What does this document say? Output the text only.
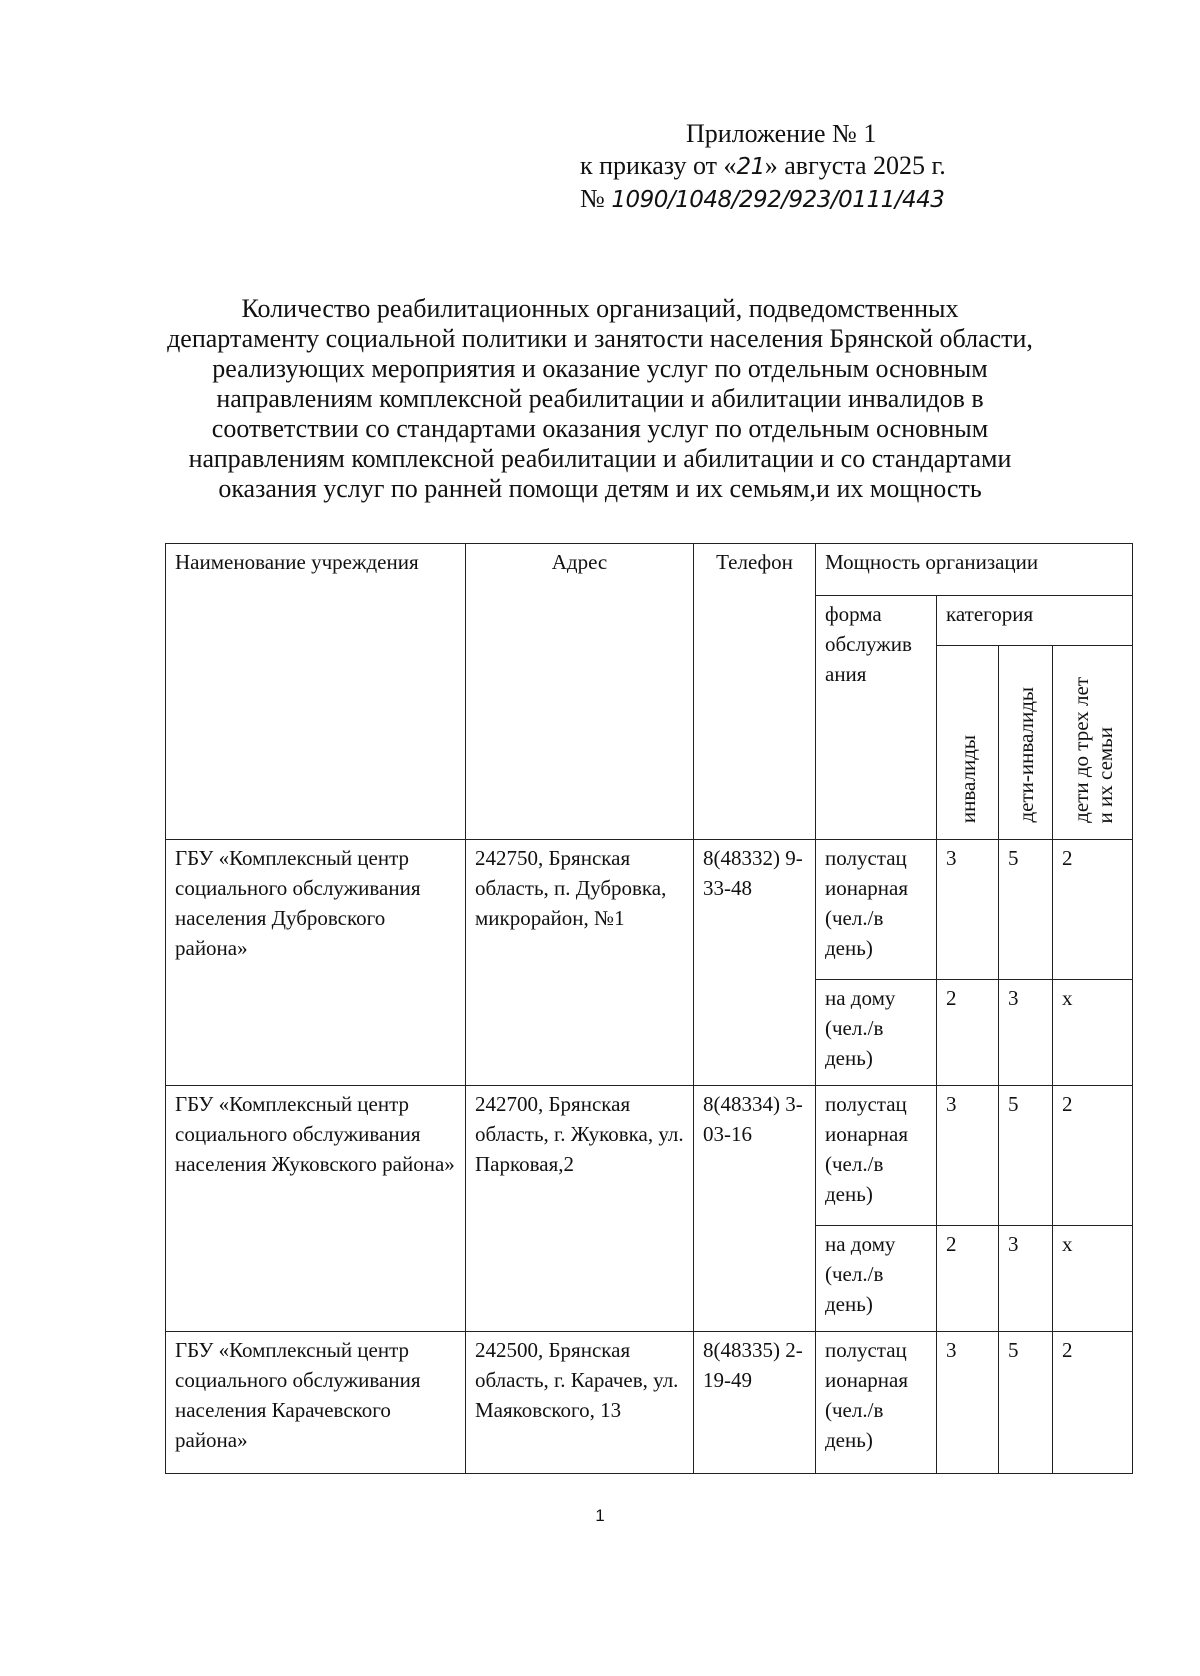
Приложение № 1
к приказу от «21» августа 2025 г.
№ 1090/1048/292/923/0111/443
Количество реабилитационных организаций, подведомственных
департаменту социальной политики и занятости населения Брянской области,
реализующих мероприятия и оказание услуг по отдельным основным
направлениям комплексной реабилитации и абилитации инвалидов в
соответствии со стандартами оказания услуг по отдельным основным
направлениям комплексной реабилитации и абилитации и со стандартами
оказания услуг по ранней помощи детям и их семьям,и их мощность
Наименование учреждения	Адрес	Телефон	Мощность организации			
			форма обслужив ания	категория		
				инвалиды	дети-инвалиды	дети до трех лети их семьи
ГБУ «Комплексный центр социального обслуживания населения Дубровского района»	242750, Брянская область, п. Дубровка, микрорайон, №1	8(48332) 9-33-48	полустац ионарная (чел./в день)	3	5	2
			на дому (чел./в день)	2	3	х
ГБУ «Комплексный центр социального обслуживания населения Жуковского района»	242700, Брянская область, г. Жуковка, ул. Парковая,2	8(48334) 3-03-16	полустац ионарная (чел./в день)	3	5	2
			на дому (чел./в день)	2	3	х
ГБУ «Комплексный центр социального обслуживания населения Карачевского района»	242500, Брянская область, г. Карачев, ул. Маяковского, 13	8(48335) 2-19-49	полустац ионарная (чел./в день)	3	5	2
1
